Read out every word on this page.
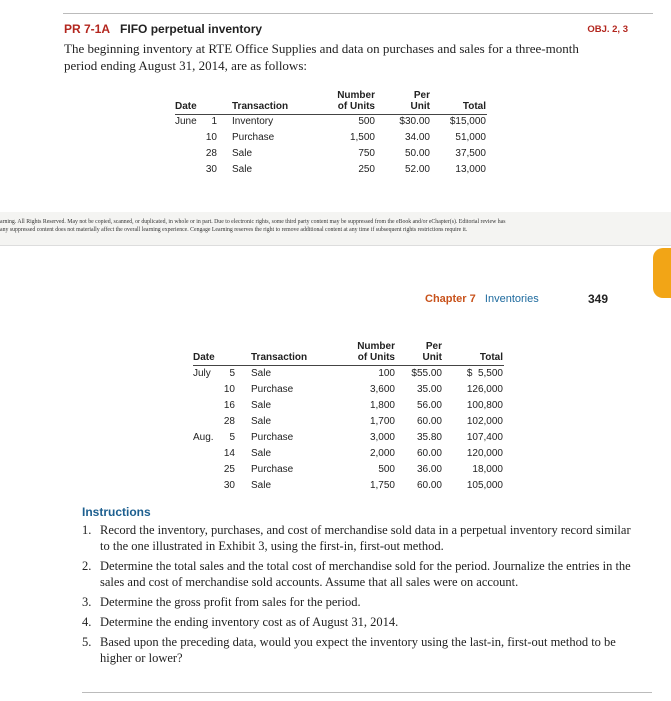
PR 7-1A FIFO perpetual inventory	OBJ. 2, 3
The beginning inventory at RTE Office Supplies and data on purchases and sales for a three-month period ending August 31, 2014, are as follows:
Number	Per
Date	Transaction	of Units	Unit	Total
June	1 Inventory	500	$30.00	$15,000
10 Purchase	1,500	34.00	51,000
28 Sale	750	50.00	37,500
30 Sale	250	52.00	13,000
arning. All Rights Reserved. May not be copied, scanned, or duplicated, in whole or in part. Due to electronic rights, some third party content may be suppressed from the eBook and/or eChapter(s). Editorial review has
any suppressed content does not materially affect the overall learning experience. Cengage Learning reserves the right to remove additional content at any time if subsequent rights restrictions require it.
Chapter 7 Inventories	349
Number	Per
Date	Transaction	of Units	Unit	Total
July	5 Sale	100	$55.00	$  5,500
10 Purchase	3,600	35.00	126,000
16 Sale	1,800	56.00	100,800
28 Sale	1,700	60.00	102,000
Aug.	5 Purchase	3,000	35.80	107,400
14 Sale	2,000	60.00	120,000
25 Purchase	500	36.00	18,000
30 Sale	1,750	60.00	105,000
Instructions
1. Record the inventory, purchases, and cost of merchandise sold data in a perpetual inventory record similar to the one illustrated in Exhibit 3, using the first-in, first-out method.
2. Determine the total sales and the total cost of merchandise sold for the period. Journalize the entries in the sales and cost of merchandise sold accounts. Assume that all sales were on account.
3. Determine the gross profit from sales for the period.
4. Determine the ending inventory cost as of August 31, 2014.
5. Based upon the preceding data, would you expect the inventory using the last-in, first-out method to be higher or lower?
